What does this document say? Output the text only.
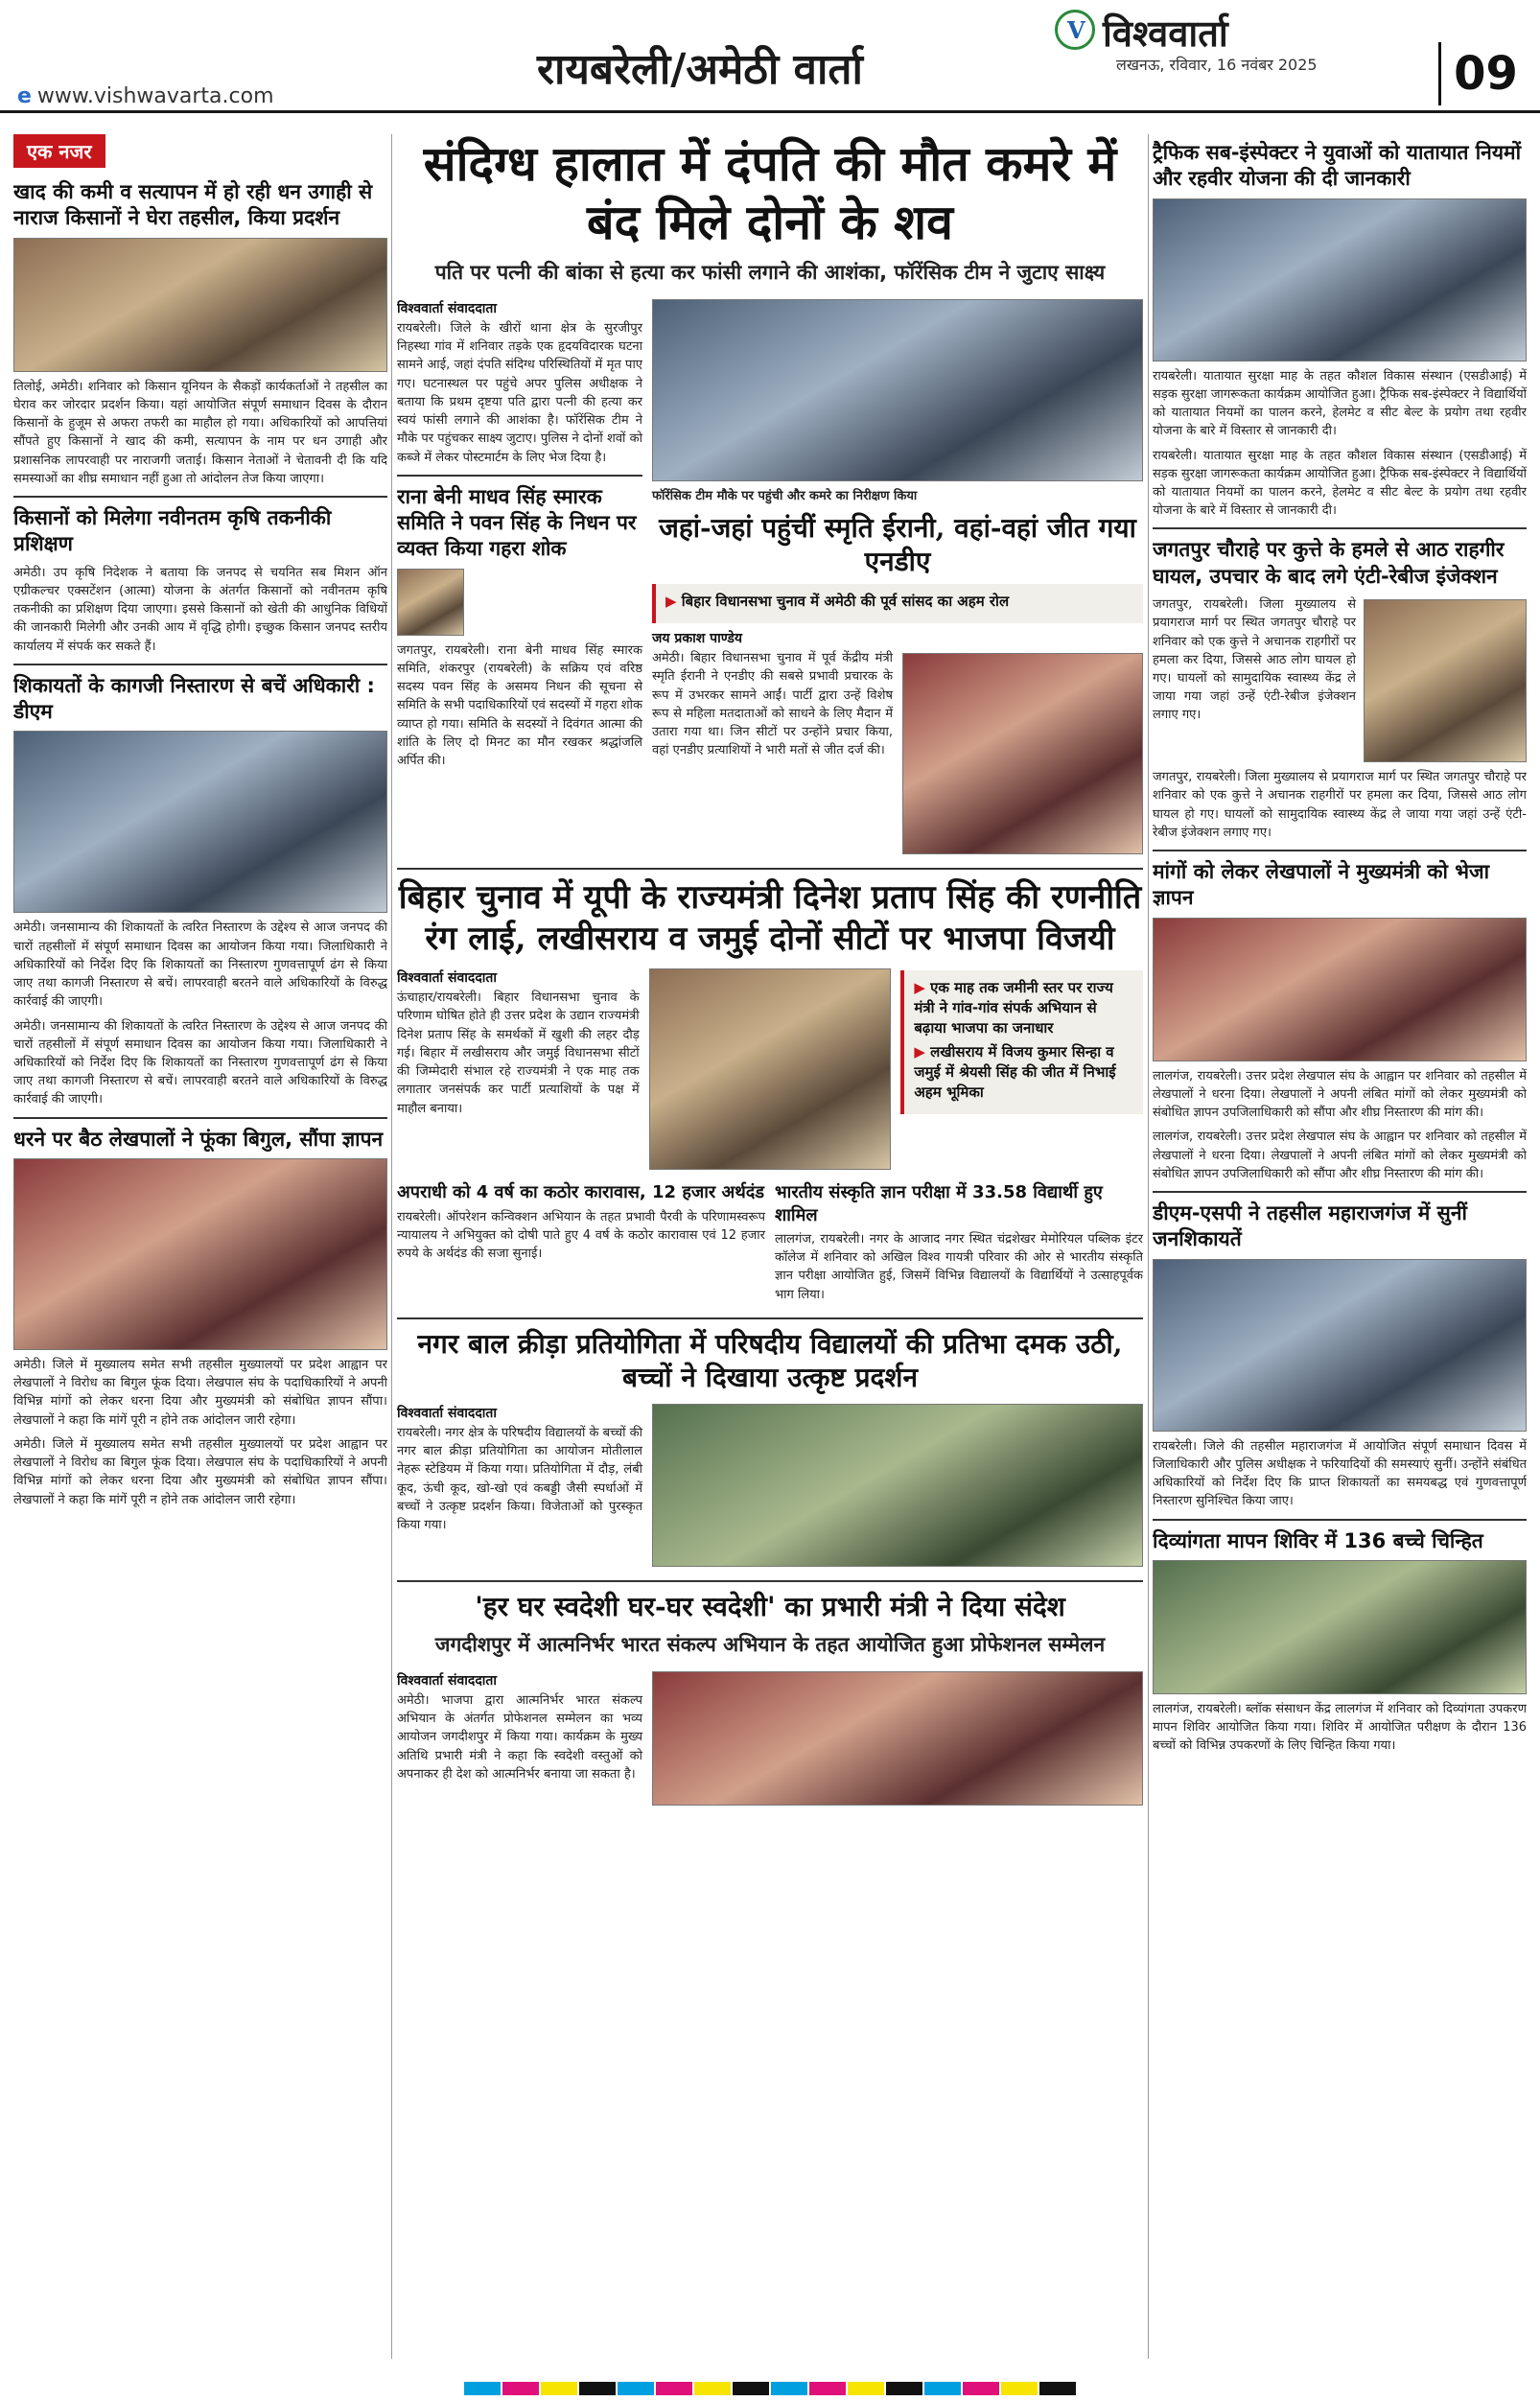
रायबरेली/अमेठी वार्ता
e www.vishwavarta.com
V
विश्ववार्ता
लखनऊ, रविवार, 16 नवंबर 2025	09
एक नजर
खाद की कमी व सत्यापन में हो रही धन उगाही से नाराज किसानों ने घेरा तहसील, किया प्रदर्शन

तिलोई, अमेठी। शनिवार को किसान यूनियन के सैकड़ों कार्यकर्ताओं ने तहसील का घेराव कर जोरदार प्रदर्शन किया। यहां आयोजित संपूर्ण समाधान दिवस के दौरान किसानों के हुजूम से अफरा तफरी का माहौल हो गया। अधिकारियों को आपत्तियां सौंपते हुए किसानों ने खाद की कमी, सत्यापन के नाम पर धन उगाही और प्रशासनिक लापरवाही पर नाराजगी जताई। किसान नेताओं ने चेतावनी दी कि यदि समस्याओं का शीघ्र समाधान नहीं हुआ तो आंदोलन तेज किया जाएगा।

किसानों को मिलेगा नवीनतम कृषि तकनीकी प्रशिक्षण

अमेठी। उप कृषि निदेशक ने बताया कि जनपद से चयनित सब मिशन ऑन एग्रीकल्चर एक्सटेंशन (आत्मा) योजना के अंतर्गत किसानों को नवीनतम कृषि तकनीकी का प्रशिक्षण दिया जाएगा। इससे किसानों को खेती की आधुनिक विधियों की जानकारी मिलेगी और उनकी आय में वृद्धि होगी। इच्छुक किसान जनपद स्तरीय कार्यालय में संपर्क कर सकते हैं।

शिकायतों के कागजी निस्तारण से बचें अधिकारी : डीएम

अमेठी। जनसामान्य की शिकायतों के त्वरित निस्तारण के उद्देश्य से आज जनपद की चारों तहसीलों में संपूर्ण समाधान दिवस का आयोजन किया गया। जिलाधिकारी ने अधिकारियों को निर्देश दिए कि शिकायतों का निस्तारण गुणवत्तापूर्ण ढंग से किया जाए तथा कागजी निस्तारण से बचें। लापरवाही बरतने वाले अधिकारियों के विरुद्ध कार्रवाई की जाएगी।

अमेठी। जनसामान्य की शिकायतों के त्वरित निस्तारण के उद्देश्य से आज जनपद की चारों तहसीलों में संपूर्ण समाधान दिवस का आयोजन किया गया। जिलाधिकारी ने अधिकारियों को निर्देश दिए कि शिकायतों का निस्तारण गुणवत्तापूर्ण ढंग से किया जाए तथा कागजी निस्तारण से बचें। लापरवाही बरतने वाले अधिकारियों के विरुद्ध कार्रवाई की जाएगी।

धरने पर बैठ लेखपालों ने फूंका बिगुल, सौंपा ज्ञापन

अमेठी। जिले में मुख्यालय समेत सभी तहसील मुख्यालयों पर प्रदेश आह्वान पर लेखपालों ने विरोध का बिगुल फूंक दिया। लेखपाल संघ के पदाधिकारियों ने अपनी विभिन्न मांगों को लेकर धरना दिया और मुख्यमंत्री को संबोधित ज्ञापन सौंपा। लेखपालों ने कहा कि मांगें पूरी न होने तक आंदोलन जारी रहेगा।

अमेठी। जिले में मुख्यालय समेत सभी तहसील मुख्यालयों पर प्रदेश आह्वान पर लेखपालों ने विरोध का बिगुल फूंक दिया। लेखपाल संघ के पदाधिकारियों ने अपनी विभिन्न मांगों को लेकर धरना दिया और मुख्यमंत्री को संबोधित ज्ञापन सौंपा। लेखपालों ने कहा कि मांगें पूरी न होने तक आंदोलन जारी रहेगा।

संदिग्ध हालात में दंपति की मौत कमरे में बंद मिले दोनों के शव
पति पर पत्नी की बांका से हत्या कर फांसी लगाने की आशंका, फॉरेंसिक टीम ने जुटाए साक्ष्य
विश्ववार्ता संवाददाता

रायबरेली। जिले के खीरों थाना क्षेत्र के सुरजीपुर निहस्था गांव में शनिवार तड़के एक हृदयविदारक घटना सामने आई, जहां दंपति संदिग्ध परिस्थितियों में मृत पाए गए। घटनास्थल पर पहुंचे अपर पुलिस अधीक्षक ने बताया कि प्रथम दृष्टया पति द्वारा पत्नी की हत्या कर स्वयं फांसी लगाने की आशंका है। फॉरेंसिक टीम ने मौके पर पहुंचकर साक्ष्य जुटाए। पुलिस ने दोनों शवों को कब्जे में लेकर पोस्टमार्टम के लिए भेज दिया है।

राना बेनी माधव सिंह स्मारक समिति ने पवन सिंह के निधन पर व्यक्त किया गहरा शोक

जगतपुर, रायबरेली। राना बेनी माधव सिंह स्मारक समिति, शंकरपुर (रायबरेली) के सक्रिय एवं वरिष्ठ सदस्य पवन सिंह के असमय निधन की सूचना से समिति के सभी पदाधिकारियों एवं सदस्यों में गहरा शोक व्याप्त हो गया। समिति के सदस्यों ने दिवंगत आत्मा की शांति के लिए दो मिनट का मौन रखकर श्रद्धांजलि अर्पित की।

फॉरेंसिक टीम मौके पर पहुंची और कमरे का निरीक्षण किया

जहां-जहां पहुंचीं स्मृति ईरानी, वहां-वहां जीत गया एनडीए
▶ बिहार विधानसभा चुनाव में अमेठी की पूर्व सांसद का अहम रोल
जय प्रकाश पाण्डेय

अमेठी। बिहार विधानसभा चुनाव में पूर्व केंद्रीय मंत्री स्मृति ईरानी ने एनडीए की सबसे प्रभावी प्रचारक के रूप में उभरकर सामने आईं। पार्टी द्वारा उन्हें विशेष रूप से महिला मतदाताओं को साधने के लिए मैदान में उतारा गया था। जिन सीटों पर उन्होंने प्रचार किया, वहां एनडीए प्रत्याशियों ने भारी मतों से जीत दर्ज की।

बिहार चुनाव में यूपी के राज्यमंत्री दिनेश प्रताप सिंह की रणनीति रंग लाई, लखीसराय व जमुई दोनों सीटों पर भाजपा विजयी
विश्ववार्ता संवाददाता

ऊंचाहार/रायबरेली। बिहार विधानसभा चुनाव के परिणाम घोषित होते ही उत्तर प्रदेश के उद्यान राज्यमंत्री दिनेश प्रताप सिंह के समर्थकों में खुशी की लहर दौड़ गई। बिहार में लखीसराय और जमुई विधानसभा सीटों की जिम्मेदारी संभाल रहे राज्यमंत्री ने एक माह तक लगातार जनसंपर्क कर पार्टी प्रत्याशियों के पक्ष में माहौल बनाया।

▶ एक माह तक जमीनी स्तर पर राज्य मंत्री ने गांव-गांव संपर्क अभियान से बढ़ाया भाजपा का जनाधार
▶ लखीसराय में विजय कुमार सिन्हा व जमुई में श्रेयसी सिंह की जीत में निभाई अहम भूमिका
अपराधी को 4 वर्ष का कठोर कारावास, 12 हजार अर्थदंड

रायबरेली। ऑपरेशन कन्विक्शन अभियान के तहत प्रभावी पैरवी के परिणामस्वरूप न्यायालय ने अभियुक्त को दोषी पाते हुए 4 वर्ष के कठोर कारावास एवं 12 हजार रुपये के अर्थदंड की सजा सुनाई।

भारतीय संस्कृति ज्ञान परीक्षा में 33.58 विद्यार्थी हुए शामिल

लालगंज, रायबरेली। नगर के आजाद नगर स्थित चंद्रशेखर मेमोरियल पब्लिक इंटर कॉलेज में शनिवार को अखिल विश्व गायत्री परिवार की ओर से भारतीय संस्कृति ज्ञान परीक्षा आयोजित हुई, जिसमें विभिन्न विद्यालयों के विद्यार्थियों ने उत्साहपूर्वक भाग लिया।

नगर बाल क्रीड़ा प्रतियोगिता में परिषदीय विद्यालयों की प्रतिभा दमक उठी, बच्चों ने दिखाया उत्कृष्ट प्रदर्शन
विश्ववार्ता संवाददाता

रायबरेली। नगर क्षेत्र के परिषदीय विद्यालयों के बच्चों की नगर बाल क्रीड़ा प्रतियोगिता का आयोजन मोतीलाल नेहरू स्टेडियम में किया गया। प्रतियोगिता में दौड़, लंबी कूद, ऊंची कूद, खो-खो एवं कबड्डी जैसी स्पर्धाओं में बच्चों ने उत्कृष्ट प्रदर्शन किया। विजेताओं को पुरस्कृत किया गया।

'हर घर स्वदेशी घर-घर स्वदेशी' का प्रभारी मंत्री ने दिया संदेश
जगदीशपुर में आत्मनिर्भर भारत संकल्प अभियान के तहत आयोजित हुआ प्रोफेशनल सम्मेलन
विश्ववार्ता संवाददाता

अमेठी। भाजपा द्वारा आत्मनिर्भर भारत संकल्प अभियान के अंतर्गत प्रोफेशनल सम्मेलन का भव्य आयोजन जगदीशपुर में किया गया। कार्यक्रम के मुख्य अतिथि प्रभारी मंत्री ने कहा कि स्वदेशी वस्तुओं को अपनाकर ही देश को आत्मनिर्भर बनाया जा सकता है।

ट्रैफिक सब-इंस्पेक्टर ने युवाओं को यातायात नियमों और रहवीर योजना की दी जानकारी

रायबरेली। यातायात सुरक्षा माह के तहत कौशल विकास संस्थान (एसडीआई) में सड़क सुरक्षा जागरूकता कार्यक्रम आयोजित हुआ। ट्रैफिक सब-इंस्पेक्टर ने विद्यार्थियों को यातायात नियमों का पालन करने, हेलमेट व सीट बेल्ट के प्रयोग तथा रहवीर योजना के बारे में विस्तार से जानकारी दी।

रायबरेली। यातायात सुरक्षा माह के तहत कौशल विकास संस्थान (एसडीआई) में सड़क सुरक्षा जागरूकता कार्यक्रम आयोजित हुआ। ट्रैफिक सब-इंस्पेक्टर ने विद्यार्थियों को यातायात नियमों का पालन करने, हेलमेट व सीट बेल्ट के प्रयोग तथा रहवीर योजना के बारे में विस्तार से जानकारी दी।

जगतपुर चौराहे पर कुत्ते के हमले से आठ राहगीर घायल, उपचार के बाद लगे एंटी-रेबीज इंजेक्शन

जगतपुर, रायबरेली। जिला मुख्यालय से प्रयागराज मार्ग पर स्थित जगतपुर चौराहे पर शनिवार को एक कुत्ते ने अचानक राहगीरों पर हमला कर दिया, जिससे आठ लोग घायल हो गए। घायलों को सामुदायिक स्वास्थ्य केंद्र ले जाया गया जहां उन्हें एंटी-रेबीज इंजेक्शन लगाए गए।

जगतपुर, रायबरेली। जिला मुख्यालय से प्रयागराज मार्ग पर स्थित जगतपुर चौराहे पर शनिवार को एक कुत्ते ने अचानक राहगीरों पर हमला कर दिया, जिससे आठ लोग घायल हो गए। घायलों को सामुदायिक स्वास्थ्य केंद्र ले जाया गया जहां उन्हें एंटी-रेबीज इंजेक्शन लगाए गए।

मांगों को लेकर लेखपालों ने मुख्यमंत्री को भेजा ज्ञापन

लालगंज, रायबरेली। उत्तर प्रदेश लेखपाल संघ के आह्वान पर शनिवार को तहसील में लेखपालों ने धरना दिया। लेखपालों ने अपनी लंबित मांगों को लेकर मुख्यमंत्री को संबोधित ज्ञापन उपजिलाधिकारी को सौंपा और शीघ्र निस्तारण की मांग की।

लालगंज, रायबरेली। उत्तर प्रदेश लेखपाल संघ के आह्वान पर शनिवार को तहसील में लेखपालों ने धरना दिया। लेखपालों ने अपनी लंबित मांगों को लेकर मुख्यमंत्री को संबोधित ज्ञापन उपजिलाधिकारी को सौंपा और शीघ्र निस्तारण की मांग की।

डीएम-एसपी ने तहसील महाराजगंज में सुनीं जनशिकायतें

रायबरेली। जिले की तहसील महाराजगंज में आयोजित संपूर्ण समाधान दिवस में जिलाधिकारी और पुलिस अधीक्षक ने फरियादियों की समस्याएं सुनीं। उन्होंने संबंधित अधिकारियों को निर्देश दिए कि प्राप्त शिकायतों का समयबद्ध एवं गुणवत्तापूर्ण निस्तारण सुनिश्चित किया जाए।

दिव्यांगता मापन शिविर में 136 बच्चे चिन्हित

लालगंज, रायबरेली। ब्लॉक संसाधन केंद्र लालगंज में शनिवार को दिव्यांगता उपकरण मापन शिविर आयोजित किया गया। शिविर में आयोजित परीक्षण के दौरान 136 बच्चों को विभिन्न उपकरणों के लिए चिन्हित किया गया।
